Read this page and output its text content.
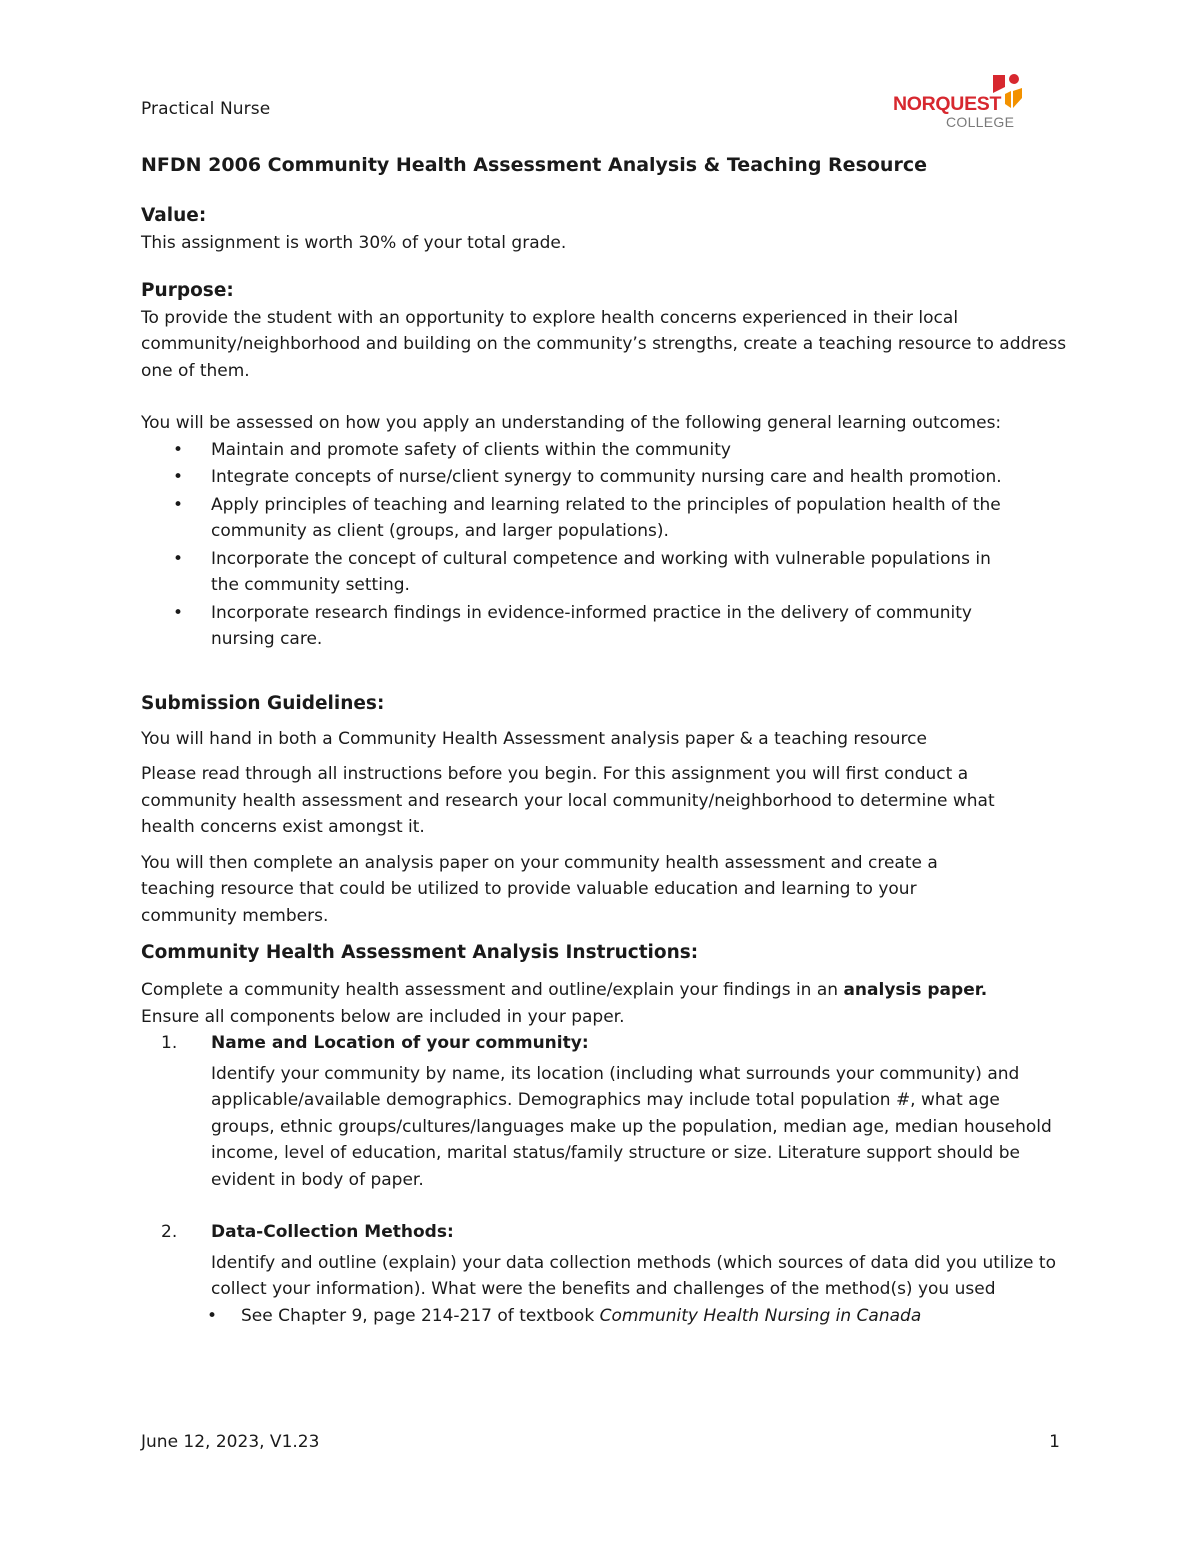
Practical Nurse	NORQUEST
COLLEGE

NFDN 2006 Community Health Assessment Analysis & Teaching Resource

Value:

This assignment is worth 30% of your total grade.

Purpose:

To provide the student with an opportunity to explore health concerns experienced in their local community/neighborhood and building on the community’s strengths, create a teaching resource to address one of them.

You will be assessed on how you apply an understanding of the following general learning outcomes:

• Maintain and promote safety of clients within the community
• Integrate concepts of nurse/client synergy to community nursing care and health promotion.
• Apply principles of teaching and learning related to the principles of population health of the community as client (groups, and larger populations).
• Incorporate the concept of cultural competence and working with vulnerable populations in the community setting.
• Incorporate research findings in evidence-informed practice in the delivery of community nursing care.

Submission Guidelines:

You will hand in both a Community Health Assessment analysis paper & a teaching resource

Please read through all instructions before you begin. For this assignment you will first conduct a community health assessment and research your local community/neighborhood to determine what health concerns exist amongst it.

You will then complete an analysis paper on your community health assessment and create a teaching resource that could be utilized to provide valuable education and learning to your community members.

Community Health Assessment Analysis Instructions:

Complete a community health assessment and outline/explain your findings in an analysis paper.
Ensure all components below are included in your paper.

1. Name and Location of your community:
Identify your community by name, its location (including what surrounds your community) and applicable/available demographics. Demographics may include total population #, what age groups, ethnic groups/cultures/languages make up the population, median age, median household income, level of education, marital status/family structure or size. Literature support should be evident in body of paper.
2. Data-Collection Methods:
Identify and outline (explain) your data collection methods (which sources of data did you utilize to collect your information). What were the benefits and challenges of the method(s) you used
• See Chapter 9, page 214-217 of textbook Community Health Nursing in Canada
June 12, 2023, V1.23	1
